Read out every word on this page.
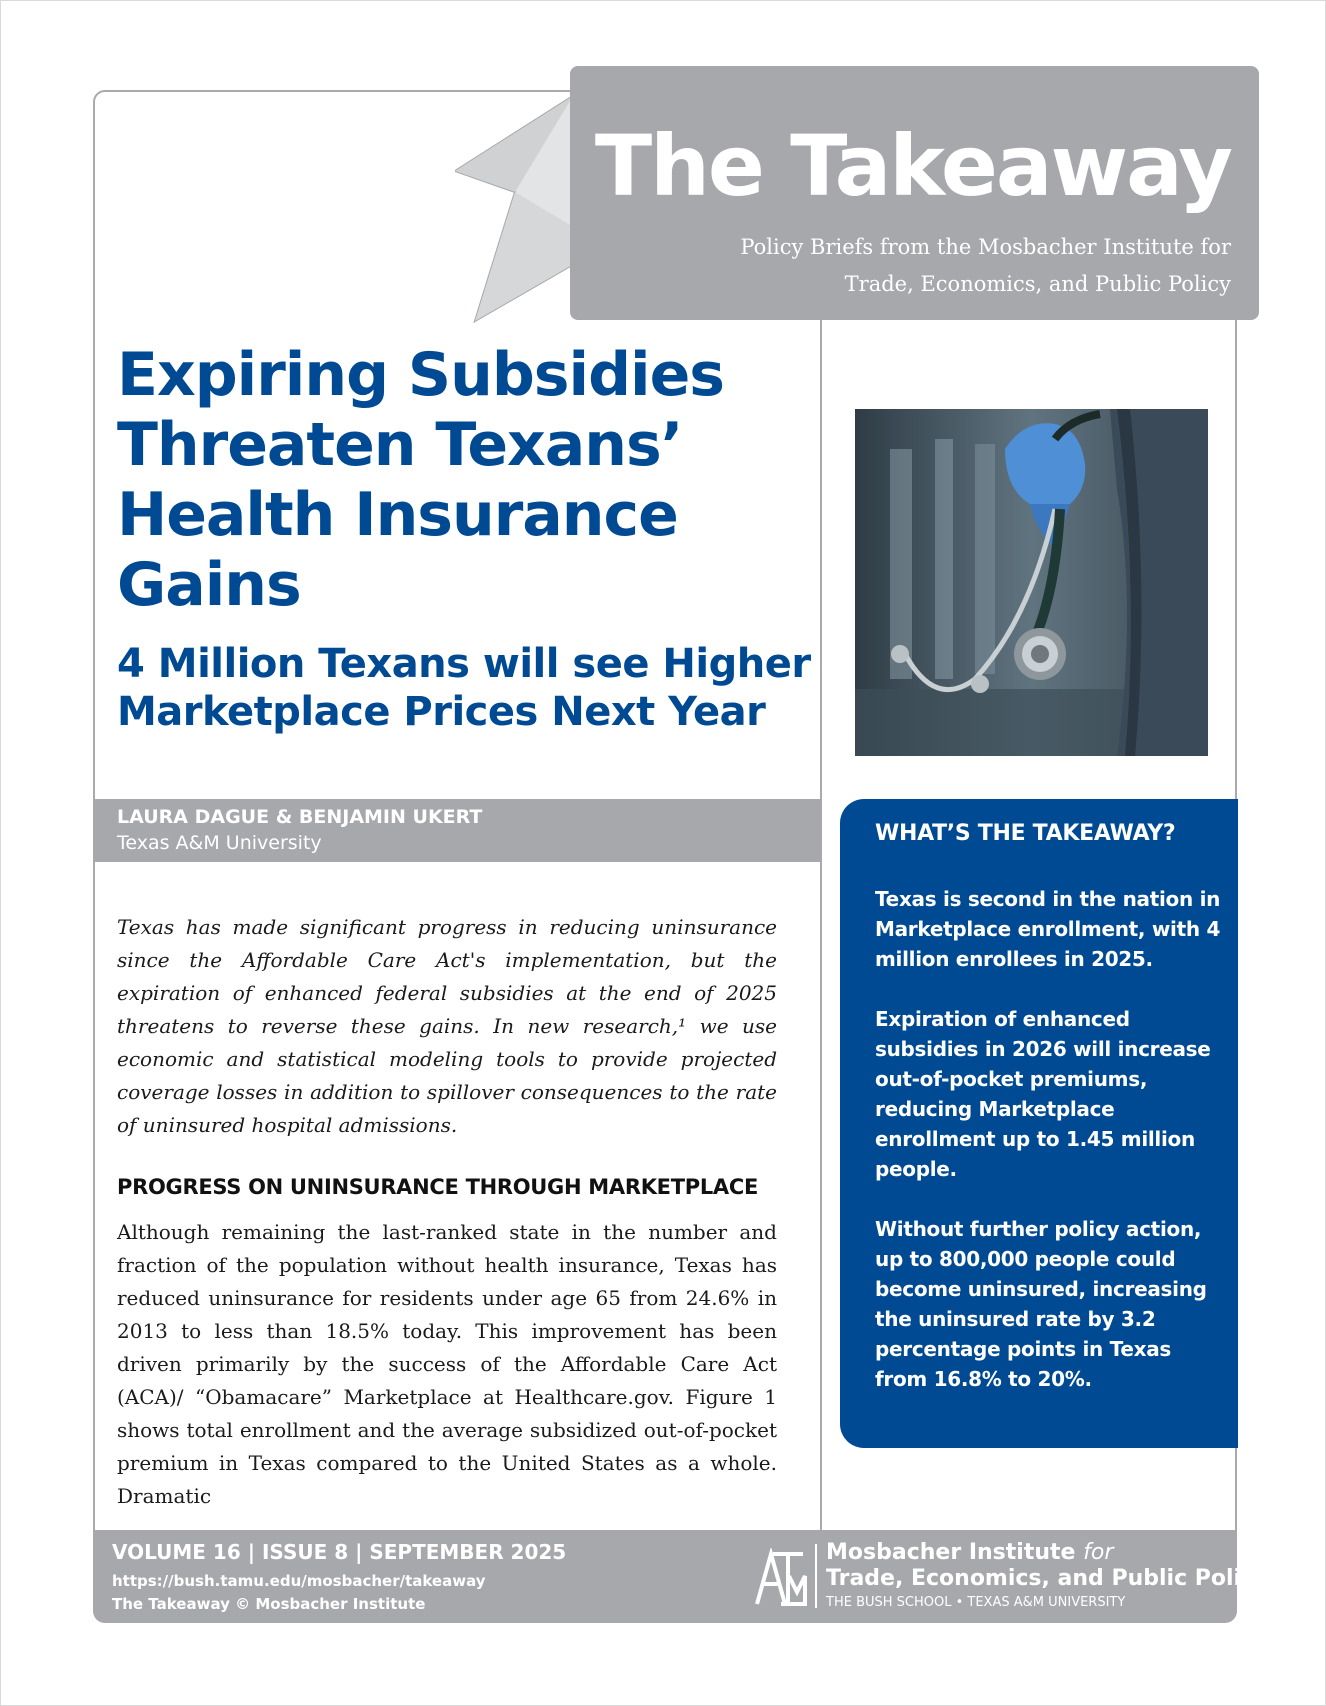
The Takeaway
Policy Briefs from the Mosbacher Institute for Trade, Economics, and Public Policy
Expiring Subsidies Threaten Texans’ Health Insurance Gains
4 Million Texans will see Higher Marketplace Prices Next Year
LAURA DAGUE & BENJAMIN UKERT
Texas A&M University

Texas has made significant progress in reducing uninsurance since the Affordable Care Act's implementation, but the expiration of enhanced federal subsidies at the end of 2025 threatens to reverse these gains. In new research,¹ we use economic and statistical modeling tools to provide projected coverage losses in addition to spillover consequences to the rate of uninsured hospital admissions.

PROGRESS ON UNINSURANCE THROUGH MARKETPLACE

Although remaining the last-ranked state in the number and fraction of the population without health insurance, Texas has reduced uninsurance for residents under age 65 from 24.6% in 2013 to less than 18.5% today. This improvement has been driven primarily by the success of the Affordable Care Act (ACA)/ “Obamacare” Marketplace at Healthcare.gov. Figure 1 shows total enrollment and the average subsidized out-of-pocket premium in Texas compared to the United States as a whole. Dramatic

WHAT’S THE TAKEAWAY?

Texas is second in the nation in Marketplace enrollment, with 4 million enrollees in 2025.

Expiration of enhanced subsidies in 2026 will increase out-of-pocket premiums, reducing Marketplace enrollment up to 1.45 million people.

Without further policy action, up to 800,000 people could become uninsured, increasing the uninsured rate by 3.2 percentage points in Texas from 16.8% to 20%.

VOLUME 16 | ISSUE 8 | SEPTEMBER 2025
https://bush.tamu.edu/mosbacher/takeaway
The Takeaway © Mosbacher Institute
Mosbacher Institute for
Trade, Economics, and Public Policy
THE BUSH SCHOOL • TEXAS A&M UNIVERSITY
